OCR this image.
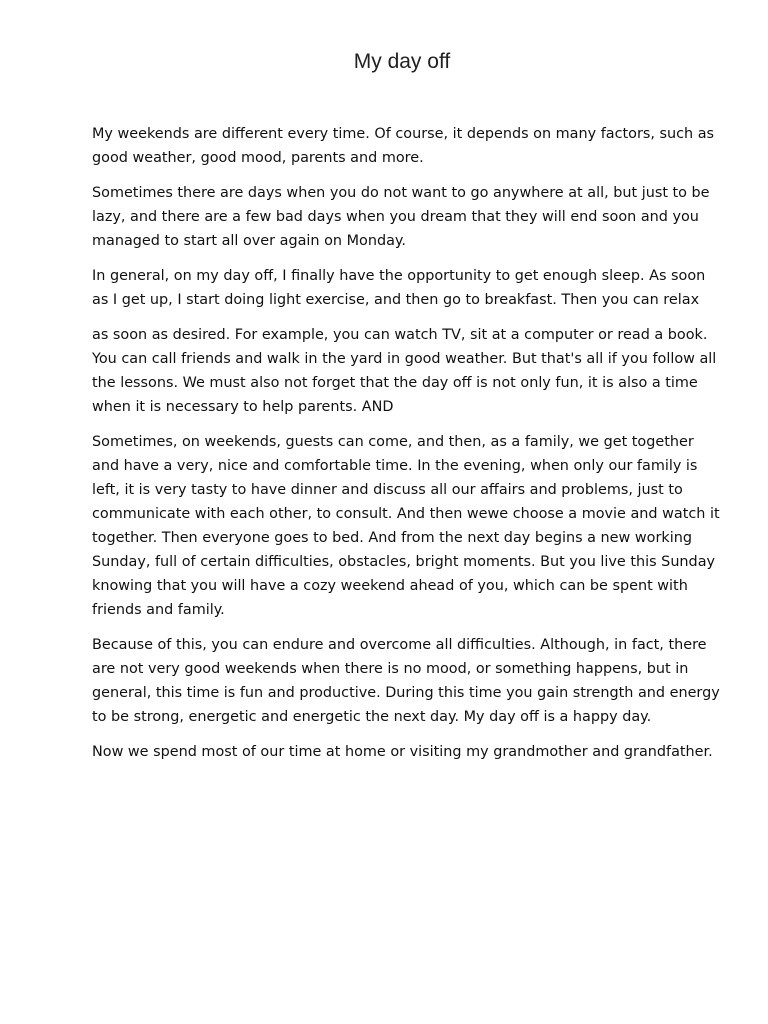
My day off

My weekends are different every time. Of course, it depends on many factors, such as good weather, good mood, parents and more.

Sometimes there are days when you do not want to go anywhere at all, but just to be lazy, and there are a few bad days when you dream that they will end soon and you managed to start all over again on Monday.

In general, on my day off, I finally have the opportunity to get enough sleep. As soon as I get up, I start doing light exercise, and then go to breakfast. Then you can relax

as soon as desired. For example, you can watch TV, sit at a computer or read a book. You can call friends and walk in the yard in good weather. But that's all if you follow all the lessons. We must also not forget that the day off is not only fun, it is also a time when it is necessary to help parents. AND

Sometimes, on weekends, guests can come, and then, as a family, we get together and have a very, nice and comfortable time. In the evening, when only our family is left, it is very tasty to have dinner and discuss all our affairs and problems, just to communicate with each other, to consult. And then wewe choose a movie and watch it together. Then everyone goes to bed. And from the next day begins a new working Sunday, full of certain difficulties, obstacles, bright moments. But you live this Sunday knowing that you will have a cozy weekend ahead of you, which can be spent with friends and family.

Because of this, you can endure and overcome all difficulties. Although, in fact, there are not very good weekends when there is no mood, or something happens, but in general, this time is fun and productive. During this time you gain strength and energy to be strong, energetic and energetic the next day. My day off is a happy day.

Now we spend most of our time at home or visiting my grandmother and grandfather.
